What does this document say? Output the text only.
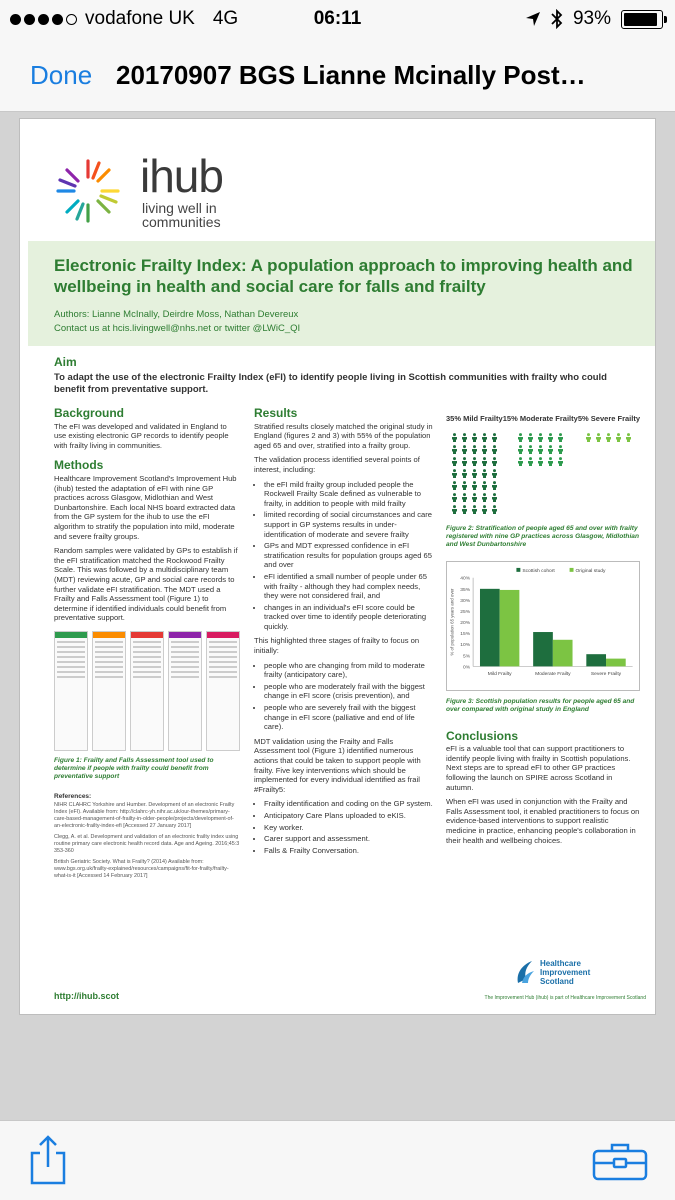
vodafone UK 4G	06:11	93%
Done 20170907 BGS Lianne Mcinally Post…
ihub
living well in
communities
Electronic Frailty Index: A population approach to improving health and wellbeing in health and social care for falls and frailty
Authors: Lianne McInally, Deirdre Moss, Nathan Devereux
Contact us at hcis.livingwell@nhs.net or twitter @LWiC_QI
Aim
To adapt the use of the electronic Frailty Index (eFI) to identify people living in Scottish communities with frailty who could benefit from preventative support.
Background

The eFI was developed and validated in England to use existing electronic GP records to identify people with frailty living in communities.

Methods

Healthcare Improvement Scotland's Improvement Hub (ihub) tested the adaptation of eFI with nine GP practices across Glasgow, Midlothian and West Dunbartonshire. Each local NHS board extracted data from the GP system for the ihub to use the eFI algorithm to stratify the population into mild, moderate and severe frailty groups.

Random samples were validated by GPs to establish if the eFI stratification matched the Rockwood Frailty Scale. This was followed by a multidisciplinary team (MDT) reviewing acute, GP and social care records to further validate eFI stratification. The MDT used a Frailty and Falls Assessment tool (Figure 1) to determine if identified individuals could benefit from preventative support.

Figure 1: Frailty and Falls Assessment tool used to determine if people with frailty could benefit from preventative support
References:
NIHR CLAHRC Yorkshire and Humber. Development of an electronic Frailty Index (eFI). Available from: http://clahrc-yh.nihr.ac.uk/our-themes/primary-care-based-management-of-frailty-in-older-people/projects/development-of-an-electronic-frailty-index-efi [Accessed 27 January 2017]
Clegg, A. et al. Development and validation of an electronic frailty index using routine primary care electronic health record data. Age and Ageing. 2016;45:3 353-360
British Geriatric Society. What is Frailty? (2014) Available from: www.bgs.org.uk/frailty-explained/resources/campaigns/fit-for-frailty/frailty-what-is-it [Accessed 14 February 2017]
http://ihub.scot
Results

Stratified results closely matched the original study in England (figures 2 and 3) with 55% of the population aged 65 and over, stratified into a frailty group.

The validation process identified several points of interest, including:

• the eFI mild frailty group included people the Rockwell Frailty Scale defined as vulnerable to frailty, in addition to people with mild frailty
• limited recording of social circumstances and care support in GP systems results in under-identification of moderate and severe frailty
• GPs and MDT expressed confidence in eFI stratification results for population groups aged 65 and over
• eFI identified a small number of people under 65 with frailty - although they had complex needs, they were not considered frail, and
• changes in an individual's eFI score could be tracked over time to identify people deteriorating quickly.

This highlighted three stages of frailty to focus on initially:

• people who are changing from mild to moderate frailty (anticipatory care),
• people who are moderately frail with the biggest change in eFI score (crisis prevention), and
• people who are severely frail with the biggest change in eFI score (palliative and end of life care).

MDT validation using the Frailty and Falls Assessment tool (Figure 1) identified numerous actions that could be taken to support people with frailty. Five key interventions which should be implemented for every individual identified as frail #Frailty5:

• Frailty identification and coding on the GP system.
• Anticipatory Care Plans uploaded to eKIS.
• Key worker.
• Carer support and assessment.
• Falls & Frailty Conversation.
35% Mild Frailty 15% Moderate Frailty 5% Severe Frailty
Figure 2: Stratification of people aged 65 and over with frailty registered with nine GP practices across Glasgow, Midlothian and West Dunbartonshire
0%
5%
10%
15%
20%
25%
30%
35%
40%
% of population 65 years and over
Mild Frailty	Moderate Frailty	Severe Frailty
Scottish cohort	Original study
Figure 3: Scottish population results for people aged 65 and over compared with original study in England
Conclusions

eFI is a valuable tool that can support practitioners to identify people living with frailty in Scottish populations. Next steps are to spread eFI to other GP practices following the launch on SPIRE across Scotland in autumn.

When eFI was used in conjunction with the Frailty and Falls Assessment tool, it enabled practitioners to focus on evidence-based interventions to support realistic medicine in practice, enhancing people's collaboration in their health and wellbeing choices.

Healthcare
Improvement
Scotland
The Improvement Hub (ihub) is part of Healthcare Improvement Scotland
